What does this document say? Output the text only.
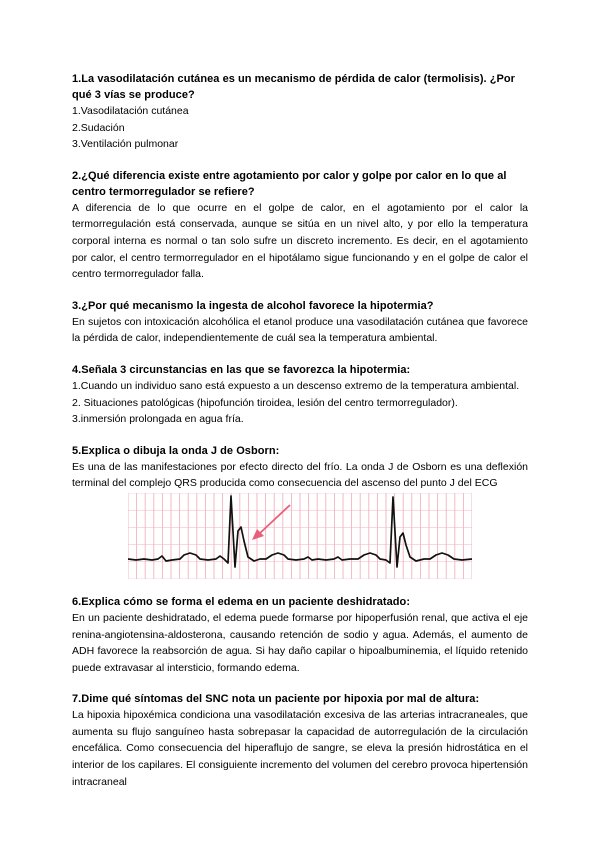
1.La vasodilatación cutánea es un mecanismo de pérdida de calor (termolisis). ¿Por qué 3 vías se produce?

1.Vasodilatación cutánea

2.Sudación

3.Ventilación pulmonar

2.¿Qué diferencia existe entre agotamiento por calor y golpe por calor en lo que al centro termorregulador se refiere?

A diferencia de lo que ocurre en el golpe de calor, en el agotamiento por el calor la termorregulación está conservada, aunque se sitúa en un nivel alto, y por ello la temperatura corporal interna es normal o tan solo sufre un discreto incremento. Es decir, en el agotamiento por calor, el centro termorregulador en el hipotálamo sigue funcionando y en el golpe de calor el centro termorregulador falla.

3.¿Por qué mecanismo la ingesta de alcohol favorece la hipotermia?

En sujetos con intoxicación alcohólica el etanol produce una vasodilatación cutánea que favorece la pérdida de calor, independientemente de cuál sea la temperatura ambiental.

4.Señala 3 circunstancias en las que se favorezca la hipotermia:

1.Cuando un individuo sano está expuesto a un descenso extremo de la temperatura ambiental.

2. Situaciones patológicas (hipofunción tiroidea, lesión del centro termorregulador).

3.inmersión prolongada en agua fría.

5.Explica o dibuja la onda J de Osborn:

Es una de las manifestaciones por efecto directo del frío. La onda J de Osborn es una deflexión terminal del complejo QRS producida como consecuencia del ascenso del punto J del ECG

6.Explica cómo se forma el edema en un paciente deshidratado:

En un paciente deshidratado, el edema puede formarse por hipoperfusión renal, que activa el eje renina-angiotensina-aldosterona, causando retención de sodio y agua. Además, el aumento de ADH favorece la reabsorción de agua. Si hay daño capilar o hipoalbuminemia, el líquido retenido puede extravasar al intersticio, formando edema.

7.Dime qué síntomas del SNC nota un paciente por hipoxia por mal de altura:

La hipoxia hipoxémica condiciona una vasodilatación excesiva de las arterias intracraneales, que aumenta su flujo sanguíneo hasta sobrepasar la capacidad de autorregulación de la circulación encefálica. Como consecuencia del hiperaflujo de sangre, se eleva la presión hidrostática en el interior de los capilares. El consiguiente incremento del volumen del cerebro provoca hipertensión intracraneal
